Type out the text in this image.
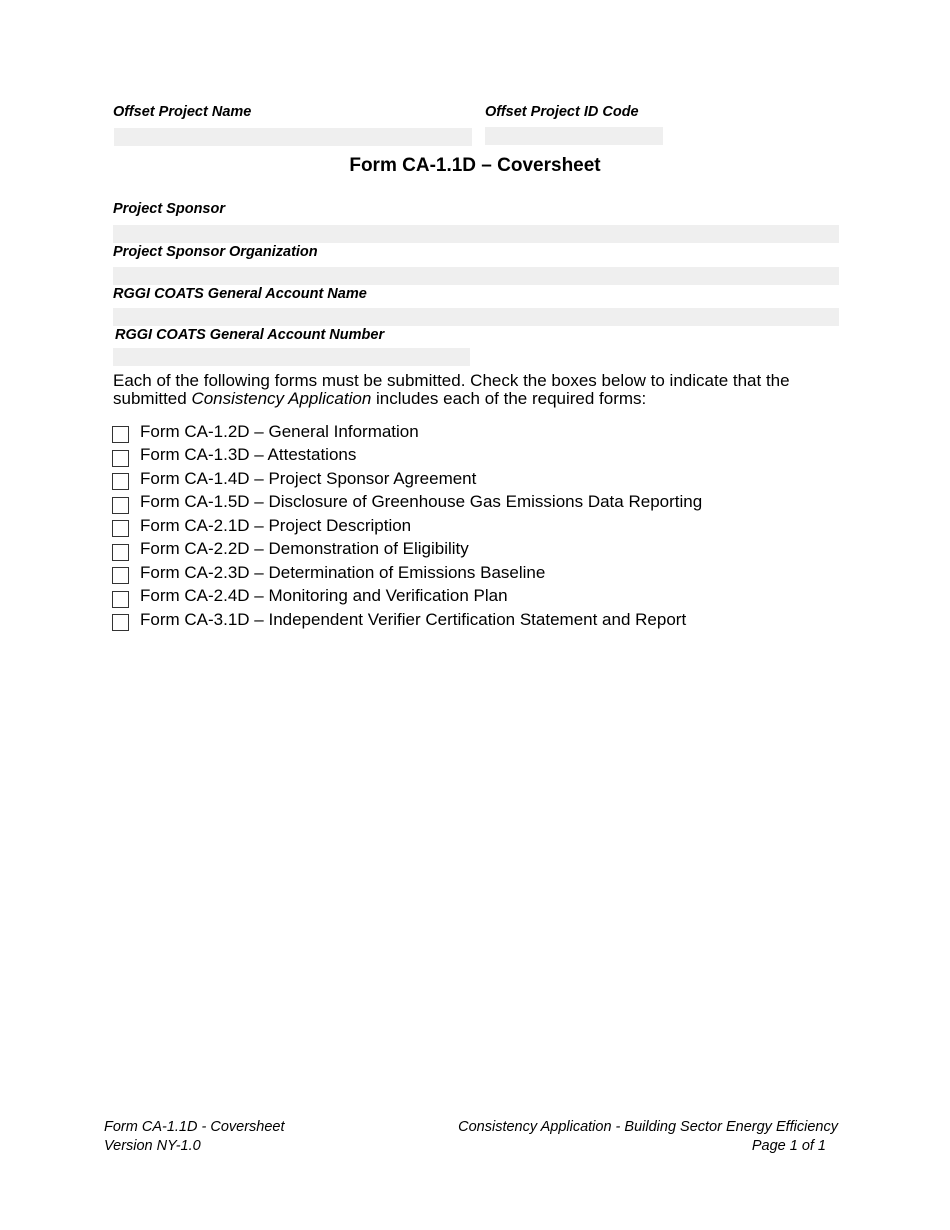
Offset Project Name	Offset Project ID Code
Form CA-1.1D – Coversheet
Project Sponsor
Project Sponsor Organization
RGGI COATS General Account Name
RGGI COATS General Account Number
Each of the following forms must be submitted. Check the boxes below to indicate that the
submitted Consistency Application includes each of the required forms:
Form CA-1.2D – General Information
Form CA-1.3D – Attestations
Form CA-1.4D – Project Sponsor Agreement
Form CA-1.5D – Disclosure of Greenhouse Gas Emissions Data Reporting
Form CA-2.1D – Project Description
Form CA-2.2D – Demonstration of Eligibility
Form CA-2.3D – Determination of Emissions Baseline
Form CA-2.4D – Monitoring and Verification Plan
Form CA-3.1D – Independent Verifier Certification Statement and Report
Form CA-1.1D - Coversheet
Version NY-1.0
Consistency Application - Building Sector Energy Efficiency
Page 1 of 1
